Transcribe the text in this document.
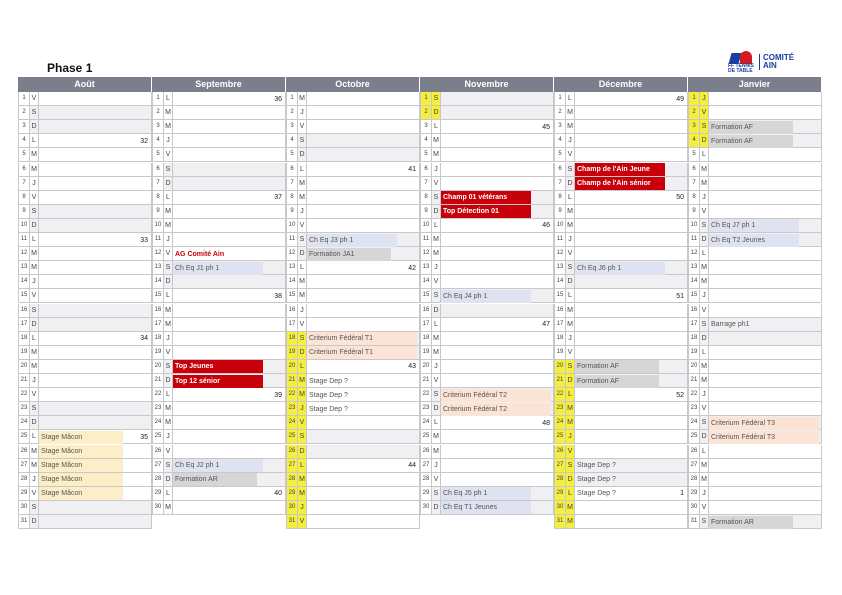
Phase 1	FF TENNIS DE TABLE
COMITÉ
AIN
Août
1 V
2 S
3 D
4 L	32
5 M
6 M
7 J
8 V
9 S
10 D
11 L	33
12 M
13 M
14 J
15 V
16 S
17 D
18 L	34
19 M
20 M
21 J
22 V
23 S
24 D
25 L Stage Mâcon	35
26 M Stage Mâcon
27 M Stage Mâcon
28 J Stage Mâcon
29 V Stage Mâcon
30 S
31 D
Septembre
1 L	36
2 M
3 M
4 J
5 V
6 S
7 D
8 L	37
9 M
10 M
11 J
12 V AG Comité Ain
13 S Ch Eq J1 ph 1
14 D
15 L	38
16 M
17 M
18 J
19 V
20 S Top Jeunes
21 D Top 12 sénior
22 L	39
23 M
24 M
25 J
26 V
27 S Ch Eq J2 ph 1
28 D Formation AR
29 L	40
30 M
Octobre
1 M
2 J
3 V
4 S
5 D
6 L	41
7 M
8 M
9 J
10 V
11 S Ch Eq J3 ph 1
12 D Formation JA1
13 L	42
14 M
15 M
16 J
17 V
18 S Criterium Fédéral T1
19 D Criterium Fédéral T1
20 L	43
21 M Stage Dep ?
22 M Stage Dep ?
23 J Stage Dep ?
24 V
25 S
26 D
27 L	44
28 M
29 M
30 J
31 V
Novembre
1 S
2 D
3 L	45
4 M
5 M
6 J
7 V
8 S Champ 01 vétérans
9 D Top Détection 01
10 L	46
11 M
12 M
13 J
14 V
15 S Ch Eq J4 ph 1
16 D
17 L	47
18 M
19 M
20 J
21 V
22 S Criterium Fédéral T2
23 D Criterium Fédéral T2
24 L	48
25 M
26 M
27 J
28 V
29 S Ch Eq J5 ph 1
30 D Ch Eq T1 Jeunes
Décembre
1 L	49
2 M
3 M
4 J
5 V
6 S Champ de l'Ain Jeune
7 D Champ de l'Ain sénior
8 L	50
9 M
10 M
11 J
12 V
13 S Ch Eq J6 ph 1
14 D
15 L	51
16 M
17 M
18 J
19 V
20 S Formation AF
21 D Formation AF
22 L	52
23 M
24 M
25 J
26 V
27 S Stage Dep ?
28 D Stage Dep ?
29 L Stage Dep ?	1
30 M
31 M
Janvier
1 J
2 V
3 S Formation AF
4 D Formation AF
5 L
6 M
7 M
8 J
9 V
10 S Ch Eq J7 ph 1
11 D Ch Eq T2 Jeunes
12 L
13 M
14 M
15 J
16 V
17 S Barrage ph1
18 D
19 L
20 M
21 M
22 J
23 V
24 S Criterium Fédéral T3
25 D Criterium Fédéral T3
26 L
27 M
28 M
29 J
30 V
31 S Formation AR
